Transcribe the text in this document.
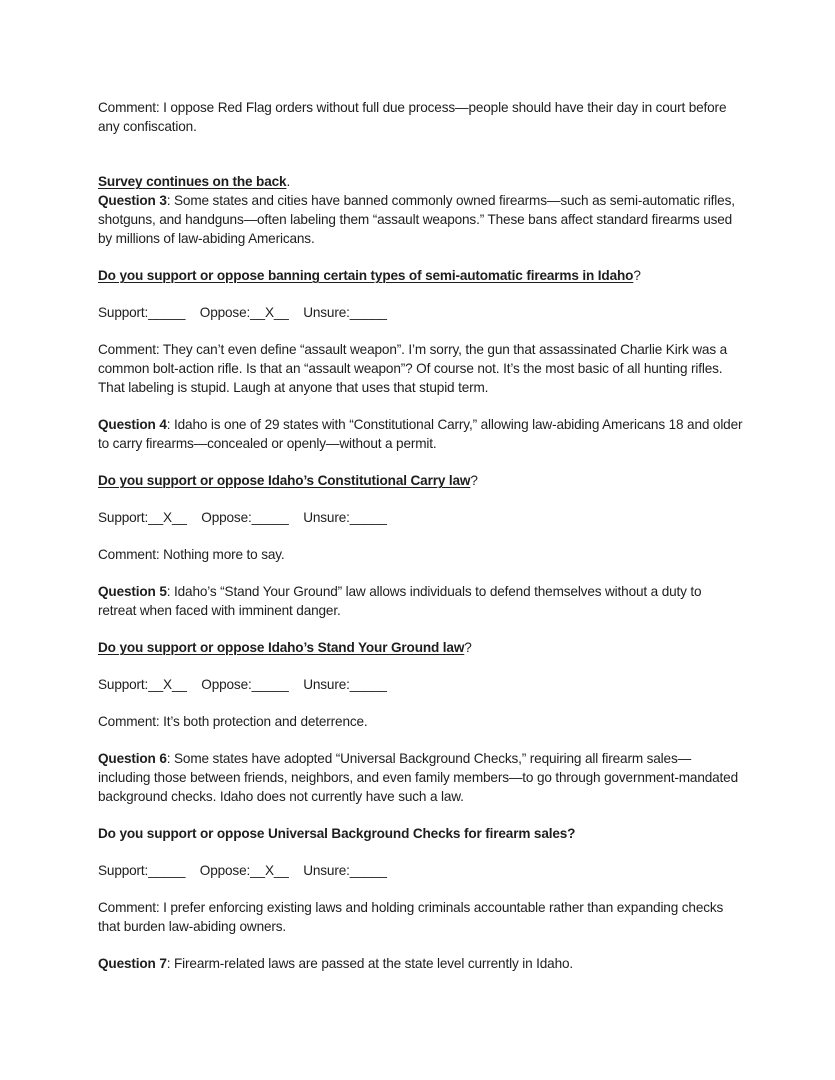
Comment: I oppose Red Flag orders without full due process—people should have their day in court before any confiscation.

Survey continues on the back.

Question 3: Some states and cities have banned commonly owned firearms—such as semi-automatic rifles, shotguns, and handguns—often labeling them “assault weapons.” These bans affect standard firearms used by millions of law-abiding Americans.

Do you support or oppose banning certain types of semi-automatic firearms in Idaho?

Support:_____ Oppose:__X__ Unsure:_____

Comment: They can’t even define “assault weapon”. I’m sorry, the gun that assassinated Charlie Kirk was a common bolt-action rifle. Is that an “assault weapon”? Of course not. It’s the most basic of all hunting rifles. That labeling is stupid. Laugh at anyone that uses that stupid term.

Question 4: Idaho is one of 29 states with “Constitutional Carry,” allowing law-abiding Americans 18 and older to carry firearms—concealed or openly—without a permit.

Do you support or oppose Idaho’s Constitutional Carry law?

Support:__X__ Oppose:_____ Unsure:_____

Comment: Nothing more to say.

Question 5: Idaho’s “Stand Your Ground” law allows individuals to defend themselves without a duty to retreat when faced with imminent danger.

Do you support or oppose Idaho’s Stand Your Ground law?

Support:__X__ Oppose:_____ Unsure:_____

Comment: It’s both protection and deterrence.

Question 6: Some states have adopted “Universal Background Checks,” requiring all firearm sales—including those between friends, neighbors, and even family members—to go through government-mandated background checks. Idaho does not currently have such a law.

Do you support or oppose Universal Background Checks for firearm sales?

Support:_____ Oppose:__X__ Unsure:_____

Comment: I prefer enforcing existing laws and holding criminals accountable rather than expanding checks that burden law-abiding owners.

Question 7: Firearm-related laws are passed at the state level currently in Idaho.
